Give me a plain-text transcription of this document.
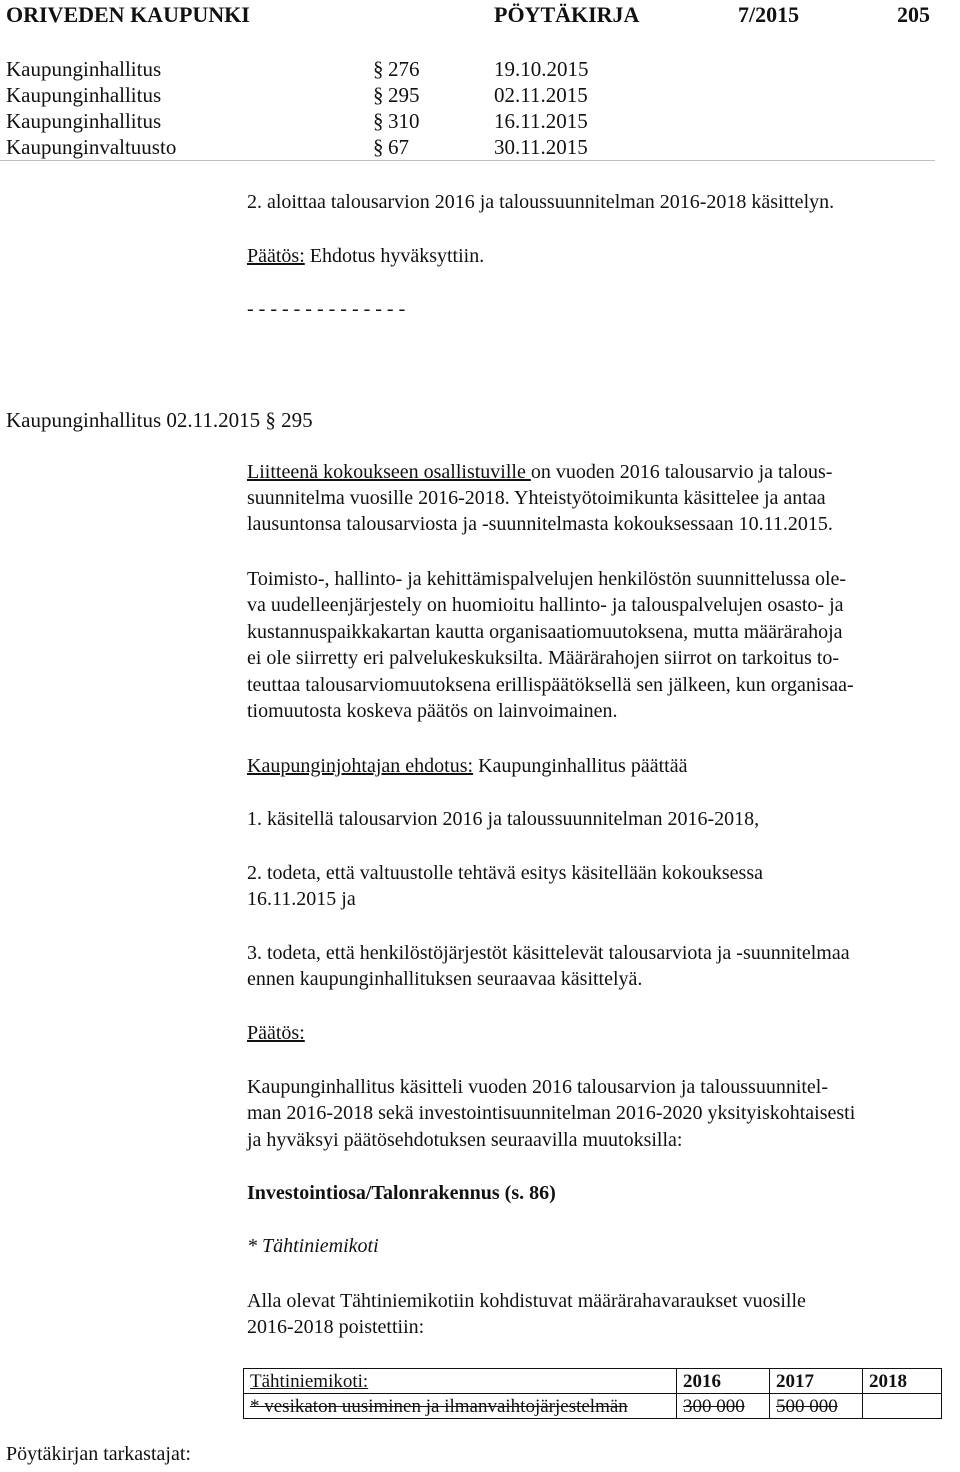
ORIVEDEN KAUPUNKI	PÖYTÄKIRJA	7/2015	205
Kaupunginhallitus	§ 276	19.10.2015
Kaupunginhallitus	§ 295	02.11.2015
Kaupunginhallitus	§ 310	16.11.2015
Kaupunginvaltuusto	§ 67	30.11.2015
2. aloittaa talousarvion 2016 ja taloussuunnitelman 2016-2018 käsittelyn.
Päätös: Ehdotus hyväksyttiin.
- - - - - - - - - - - - - -
Kaupunginhallitus 02.11.2015 § 295
Liitteenä kokoukseen osallistuville on vuoden 2016 talousarvio ja talous-
suunnitelma vuosille 2016-2018. Yhteistyötoimikunta käsittelee ja antaa
lausuntonsa talousarviosta ja -suunnitelmasta kokouksessaan 10.11.2015.
Toimisto-, hallinto- ja kehittämispalvelujen henkilöstön suunnittelussa ole-
va uudelleenjärjestely on huomioitu hallinto- ja talouspalvelujen osasto- ja
kustannuspaikkakartan kautta organisaatiomuutoksena, mutta määrärahoja
ei ole siirretty eri palvelukeskuksilta. Määrärahojen siirrot on tarkoitus to-
teuttaa talousarviomuutoksena erillispäätöksellä sen jälkeen, kun organisaa-
tiomuutosta koskeva päätös on lainvoimainen.
Kaupunginjohtajan ehdotus: Kaupunginhallitus päättää
1. käsitellä talousarvion 2016 ja taloussuunnitelman 2016-2018,
2. todeta, että valtuustolle tehtävä esitys käsitellään kokouksessa
16.11.2015 ja
3. todeta, että henkilöstöjärjestöt käsittelevät talousarviota ja -suunnitelmaa
ennen kaupunginhallituksen seuraavaa käsittelyä.
Päätös:
Kaupunginhallitus käsitteli vuoden 2016 talousarvion ja taloussuunnitel-
man 2016-2018 sekä investointisuunnitelman 2016-2020 yksityiskohtaisesti
ja hyväksyi päätösehdotuksen seuraavilla muutoksilla:
Investointiosa/Talonrakennus (s. 86)
* Tähtiniemikoti
Alla olevat Tähtiniemikotiin kohdistuvat määrärahavaraukset vuosille
2016-2018 poistettiin:
Tähtiniemikoti:	2016	2017	2018
* vesikaton uusiminen ja ilmanvaihtojärjestelmän	300 000	500 000	
Pöytäkirjan tarkastajat:
